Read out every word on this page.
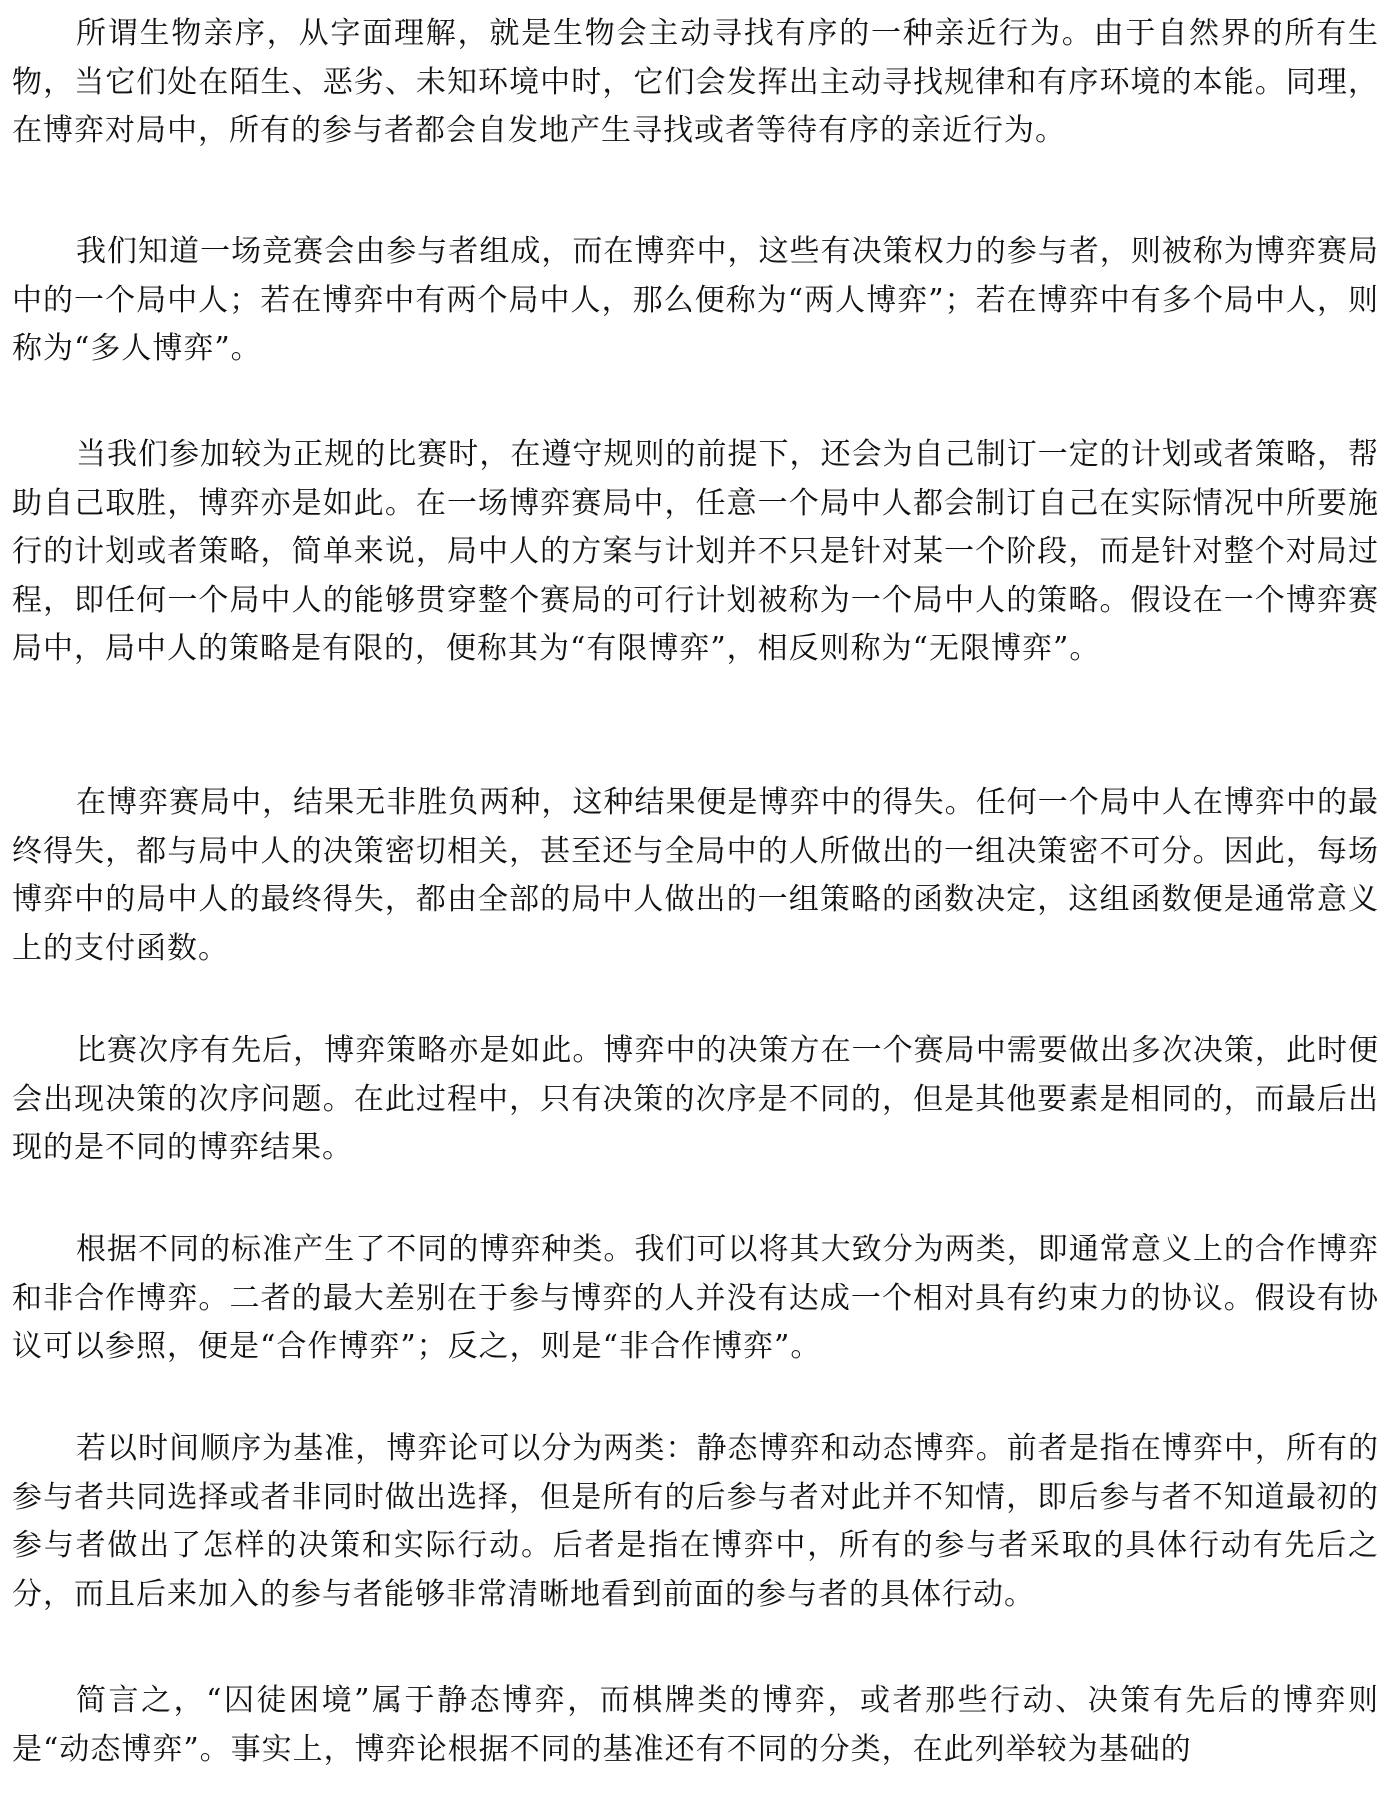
所谓生物亲序，从字面理解，就是生物会主动寻找有序的一种亲近行为。由于自然界的所有生物，当它们处在陌生、恶劣、未知环境中时，它们会发挥出主动寻找规律和有序环境的本能。同理，在博弈对局中，所有的参与者都会自发地产生寻找或者等待有序的亲近行为。

我们知道一场竞赛会由参与者组成，而在博弈中，这些有决策权力的参与者，则被称为博弈赛局中的一个局中人；若在博弈中有两个局中人，那么便称为“两人博弈”；若在博弈中有多个局中人，则称为“多人博弈”。

当我们参加较为正规的比赛时，在遵守规则的前提下，还会为自己制订一定的计划或者策略，帮助自己取胜，博弈亦是如此。在一场博弈赛局中，任意一个局中人都会制订自己在实际情况中所要施行的计划或者策略，简单来说，局中人的方案与计划并不只是针对某一个阶段，而是针对整个对局过程，即任何一个局中人的能够贯穿整个赛局的可行计划被称为一个局中人的策略。假设在一个博弈赛局中，局中人的策略是有限的，便称其为“有限博弈”，相反则称为“无限博弈”。

在博弈赛局中，结果无非胜负两种，这种结果便是博弈中的得失。任何一个局中人在博弈中的最终得失，都与局中人的决策密切相关，甚至还与全局中的人所做出的一组决策密不可分。因此，每场博弈中的局中人的最终得失，都由全部的局中人做出的一组策略的函数决定，这组函数便是通常意义上的支付函数。

比赛次序有先后，博弈策略亦是如此。博弈中的决策方在一个赛局中需要做出多次决策，此时便会出现决策的次序问题。在此过程中，只有决策的次序是不同的，但是其他要素是相同的，而最后出现的是不同的博弈结果。

根据不同的标准产生了不同的博弈种类。我们可以将其大致分为两类，即通常意义上的合作博弈和非合作博弈。二者的最大差别在于参与博弈的人并没有达成一个相对具有约束力的协议。假设有协议可以参照，便是“合作博弈”；反之，则是“非合作博弈”。

若以时间顺序为基准，博弈论可以分为两类：静态博弈和动态博弈。前者是指在博弈中，所有的参与者共同选择或者非同时做出选择，但是所有的后参与者对此并不知情，即后参与者不知道最初的参与者做出了怎样的决策和实际行动。后者是指在博弈中，所有的参与者采取的具体行动有先后之分，而且后来加入的参与者能够非常清晰地看到前面的参与者的具体行动。

简言之，“囚徒困境”属于静态博弈，而棋牌类的博弈，或者那些行动、决策有先后的博弈则是“动态博弈”。事实上，博弈论根据不同的基准还有不同的分类，在此列举较为基础的
